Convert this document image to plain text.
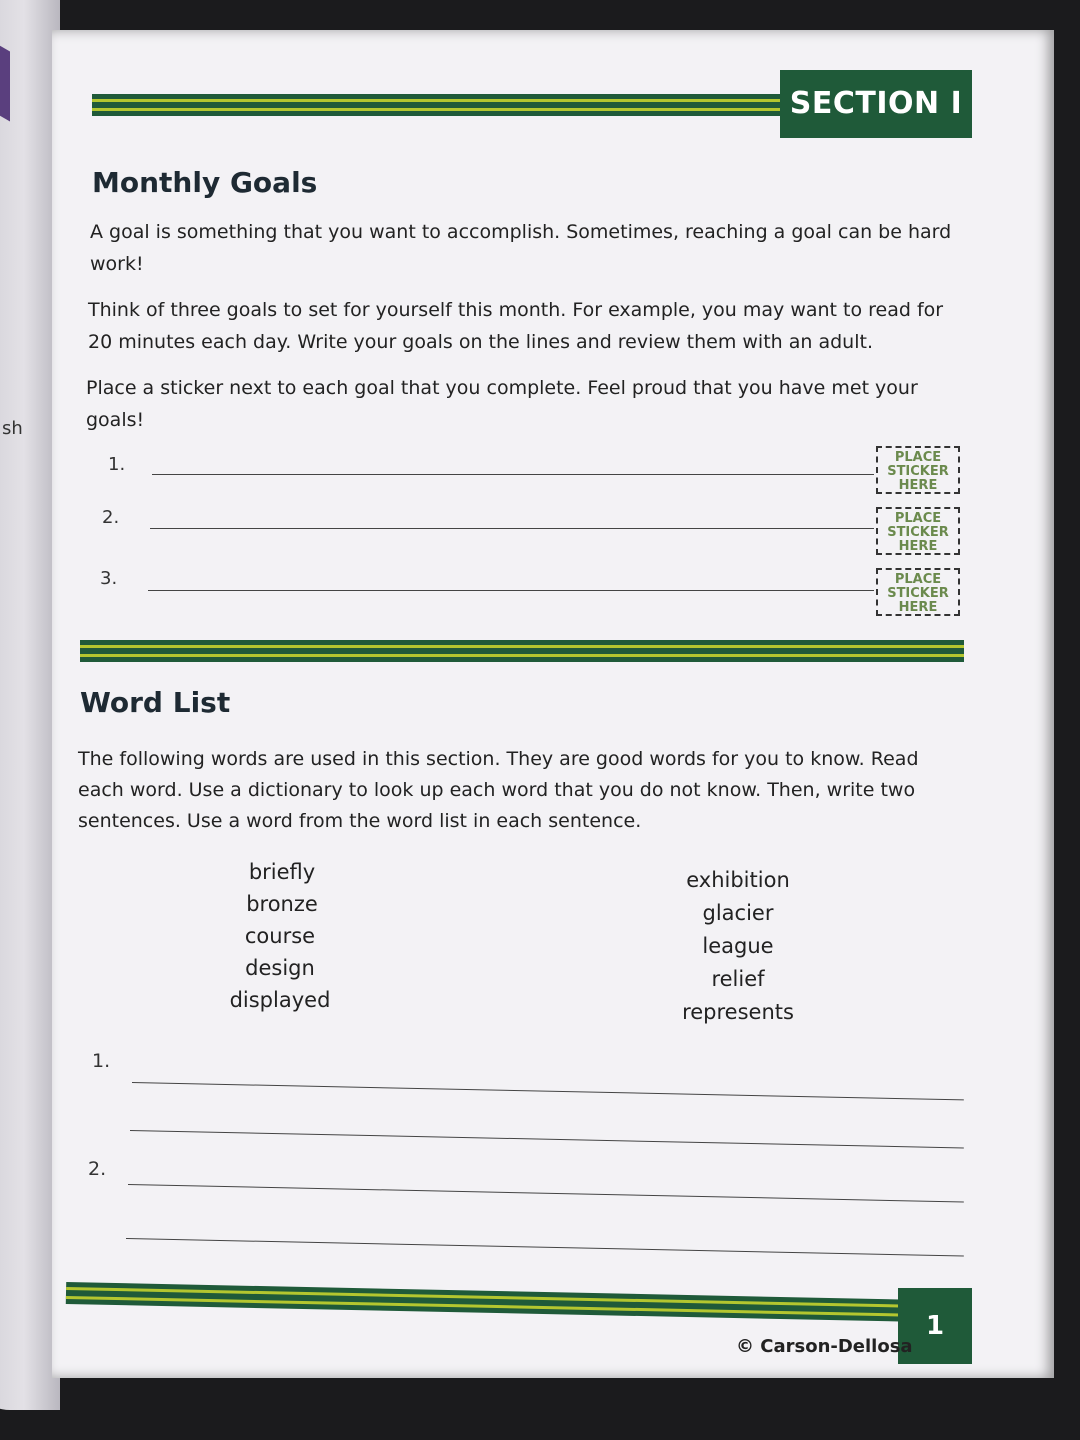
sh
SECTION I
Monthly Goals
A goal is something that you want to accomplish. Sometimes, reaching a goal can be hard work!
Think of three goals to set for yourself this month. For example, you may want to read for 20 minutes each day. Write your goals on the lines and review them with an adult.
Place a sticker next to each goal that you complete. Feel proud that you have met your goals!
1.	PLACE
STICKER
HERE
2.	PLACE
STICKER
HERE
3.	PLACE
STICKER
HERE
Word List
The following words are used in this section. They are good words for you to know. Read each word. Use a dictionary to look up each word that you do not know. Then, write two sentences. Use a word from the word list in each sentence.
briefly
bronze
course
design
displayed
exhibition
glacier
league
relief
represents
1.
2.
1
© Carson-Dellosa
